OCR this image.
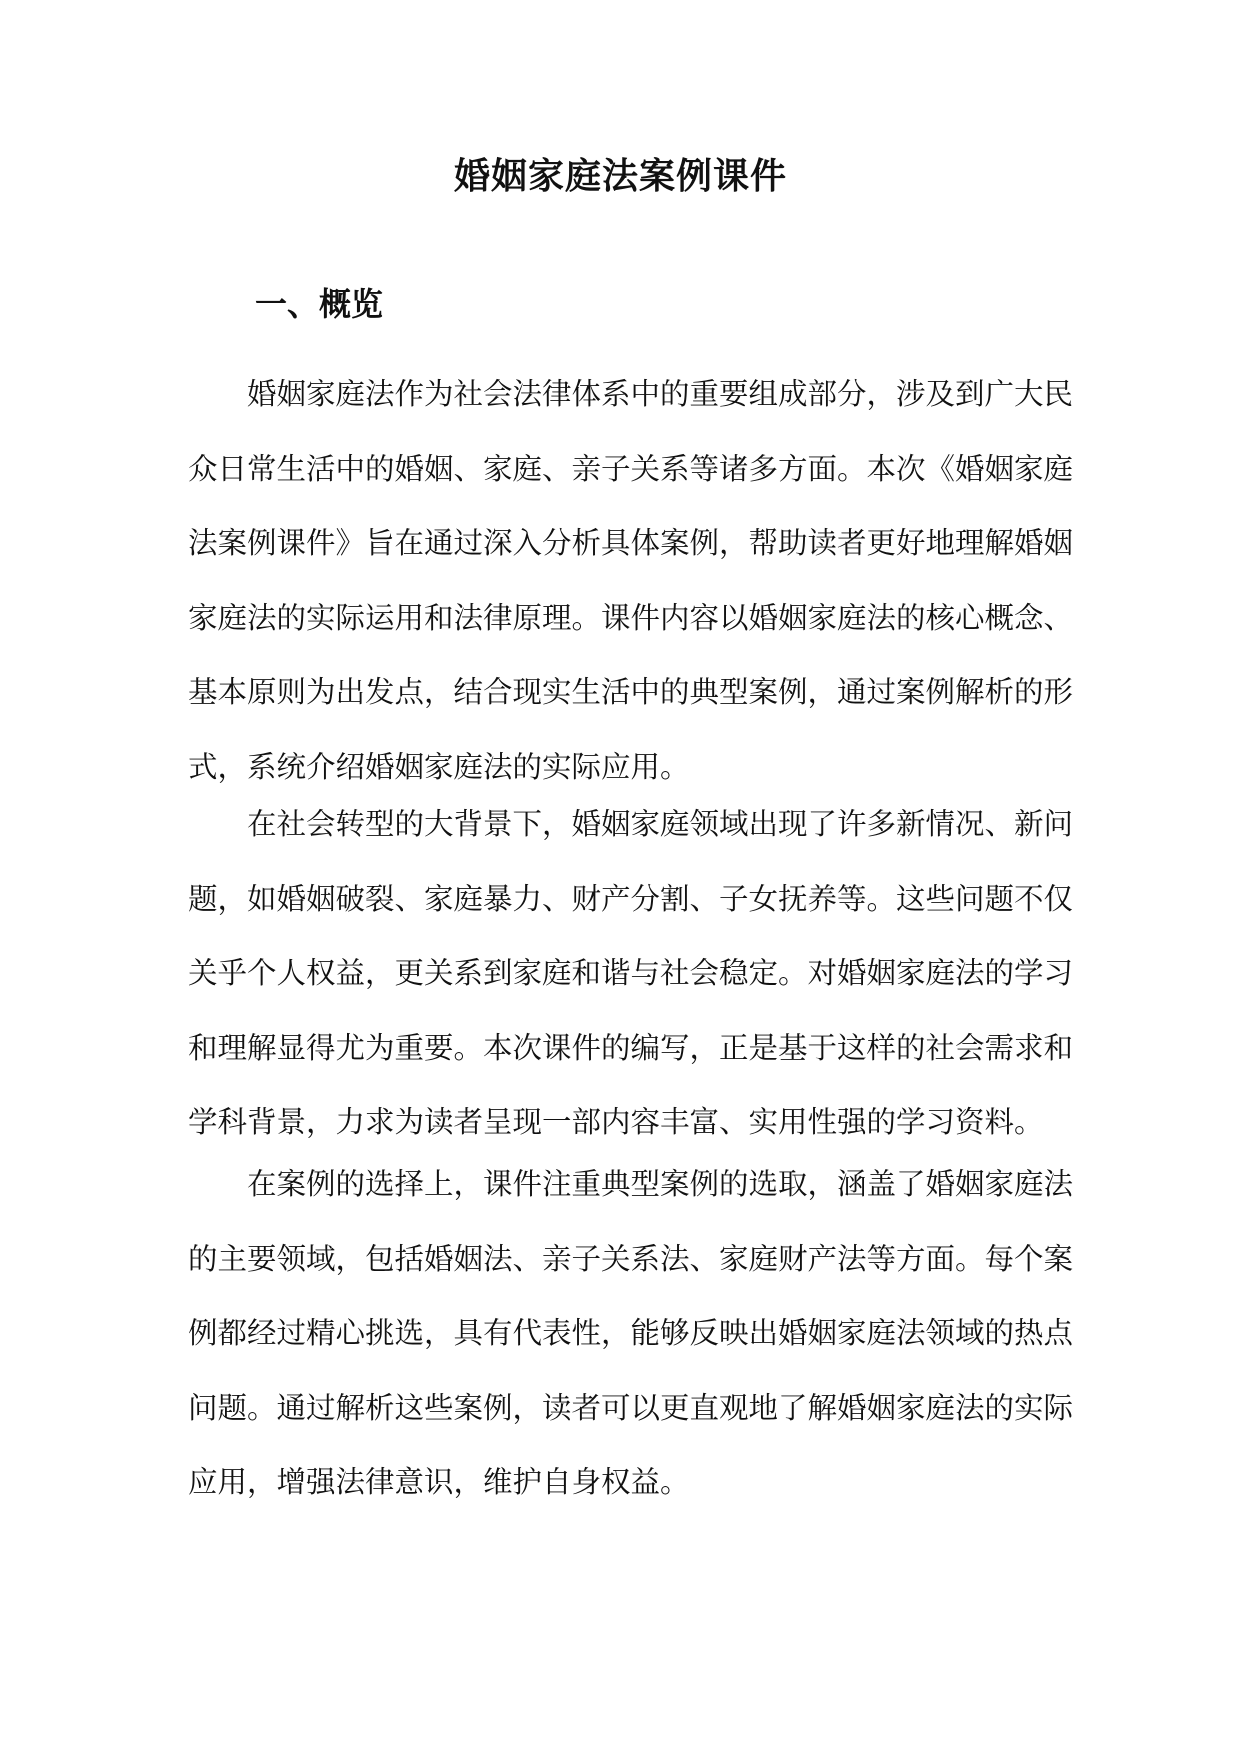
婚姻家庭法案例课件
一、概览
婚姻家庭法作为社会法律体系中的重要组成部分，涉及到广大民
众日常生活中的婚姻、家庭、亲子关系等诸多方面。本次《婚姻家庭
法案例课件》旨在通过深入分析具体案例，帮助读者更好地理解婚姻
家庭法的实际运用和法律原理。课件内容以婚姻家庭法的核心概念、
基本原则为出发点，结合现实生活中的典型案例，通过案例解析的形
式，系统介绍婚姻家庭法的实际应用。
在社会转型的大背景下，婚姻家庭领域出现了许多新情况、新问
题，如婚姻破裂、家庭暴力、财产分割、子女抚养等。这些问题不仅
关乎个人权益，更关系到家庭和谐与社会稳定。对婚姻家庭法的学习
和理解显得尤为重要。本次课件的编写，正是基于这样的社会需求和
学科背景，力求为读者呈现一部内容丰富、实用性强的学习资料。
在案例的选择上，课件注重典型案例的选取，涵盖了婚姻家庭法
的主要领域，包括婚姻法、亲子关系法、家庭财产法等方面。每个案
例都经过精心挑选，具有代表性，能够反映出婚姻家庭法领域的热点
问题。通过解析这些案例，读者可以更直观地了解婚姻家庭法的实际
应用，增强法律意识，维护自身权益。
